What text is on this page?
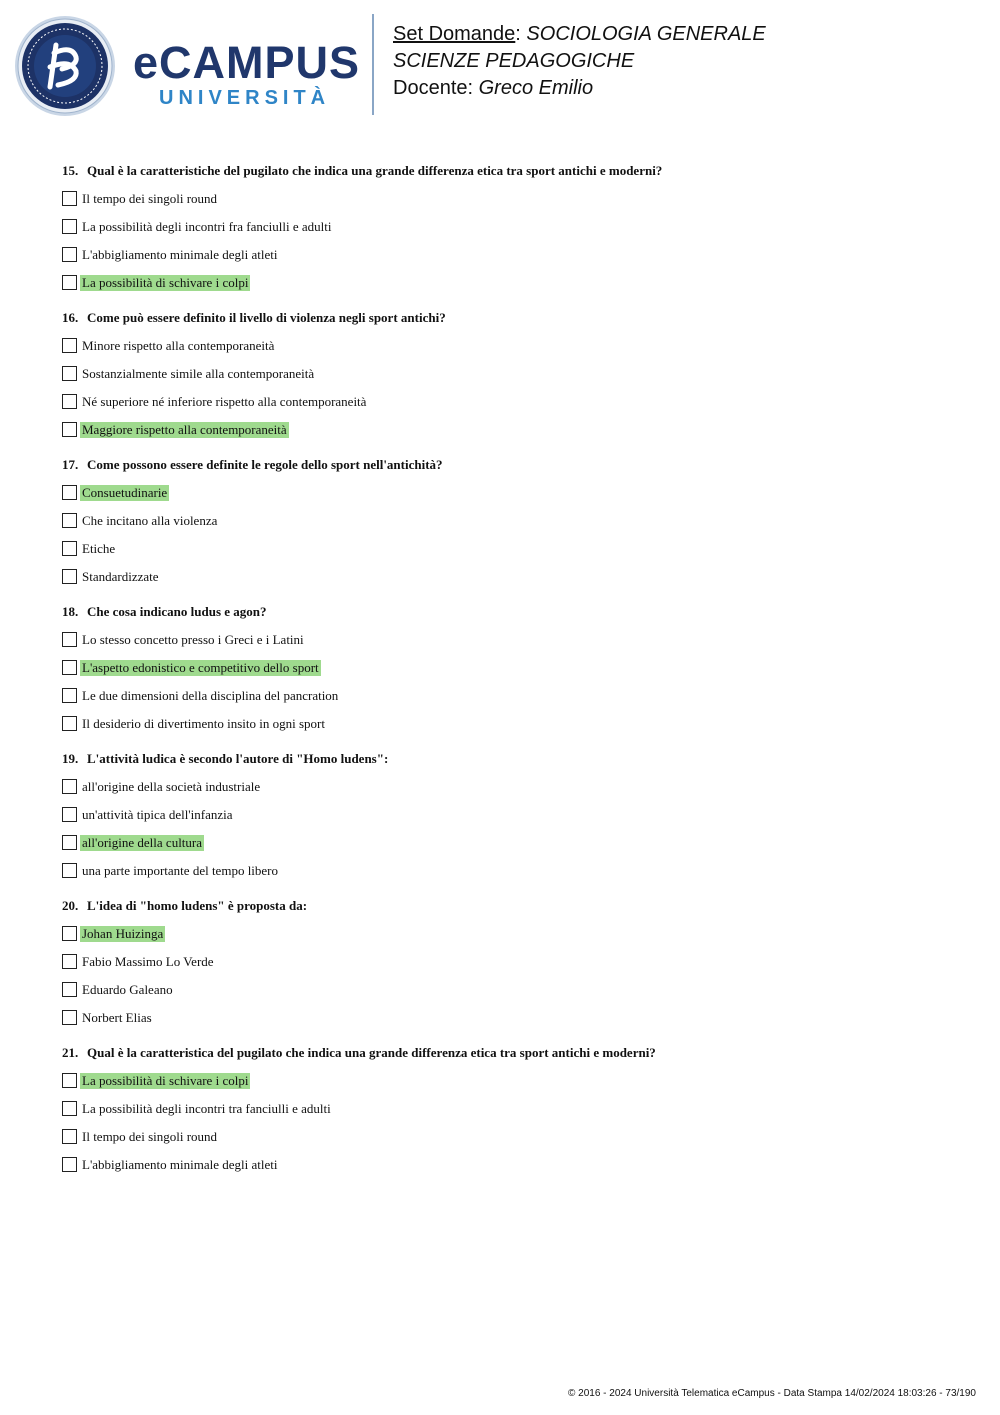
eCAMPUS
UNIVERSITÀ
Set Domande: SOCIOLOGIA GENERALE
SCIENZE PEDAGOGICHE
Docente: Greco Emilio
15. Qual è la caratteristiche del pugilato che indica una grande differenza etica tra sport antichi e moderni?
Il tempo dei singoli round
La possibilità degli incontri fra fanciulli e adulti
L'abbigliamento minimale degli atleti
La possibilità di schivare i colpi
16. Come può essere definito il livello di violenza negli sport antichi?
Minore rispetto alla contemporaneità
Sostanzialmente simile alla contemporaneità
Né superiore né inferiore rispetto alla contemporaneità
Maggiore rispetto alla contemporaneità
17. Come possono essere definite le regole dello sport nell'antichità?
Consuetudinarie
Che incitano alla violenza
Etiche
Standardizzate
18. Che cosa indicano ludus e agon?
Lo stesso concetto presso i Greci e i Latini
L'aspetto edonistico e competitivo dello sport
Le due dimensioni della disciplina del pancration
Il desiderio di divertimento insito in ogni sport
19. L'attività ludica è secondo l'autore di "Homo ludens":
all'origine della società industriale
un'attività tipica dell'infanzia
all'origine della cultura
una parte importante del tempo libero
20. L'idea di "homo ludens" è proposta da:
Johan Huizinga
Fabio Massimo Lo Verde
Eduardo Galeano
Norbert Elias
21. Qual è la caratteristica del pugilato che indica una grande differenza etica tra sport antichi e moderni?
La possibilità di schivare i colpi
La possibilità degli incontri tra fanciulli e adulti
Il tempo dei singoli round
L'abbigliamento minimale degli atleti
© 2016 - 2024 Università Telematica eCampus - Data Stampa 14/02/2024 18:03:26 - 73/190
